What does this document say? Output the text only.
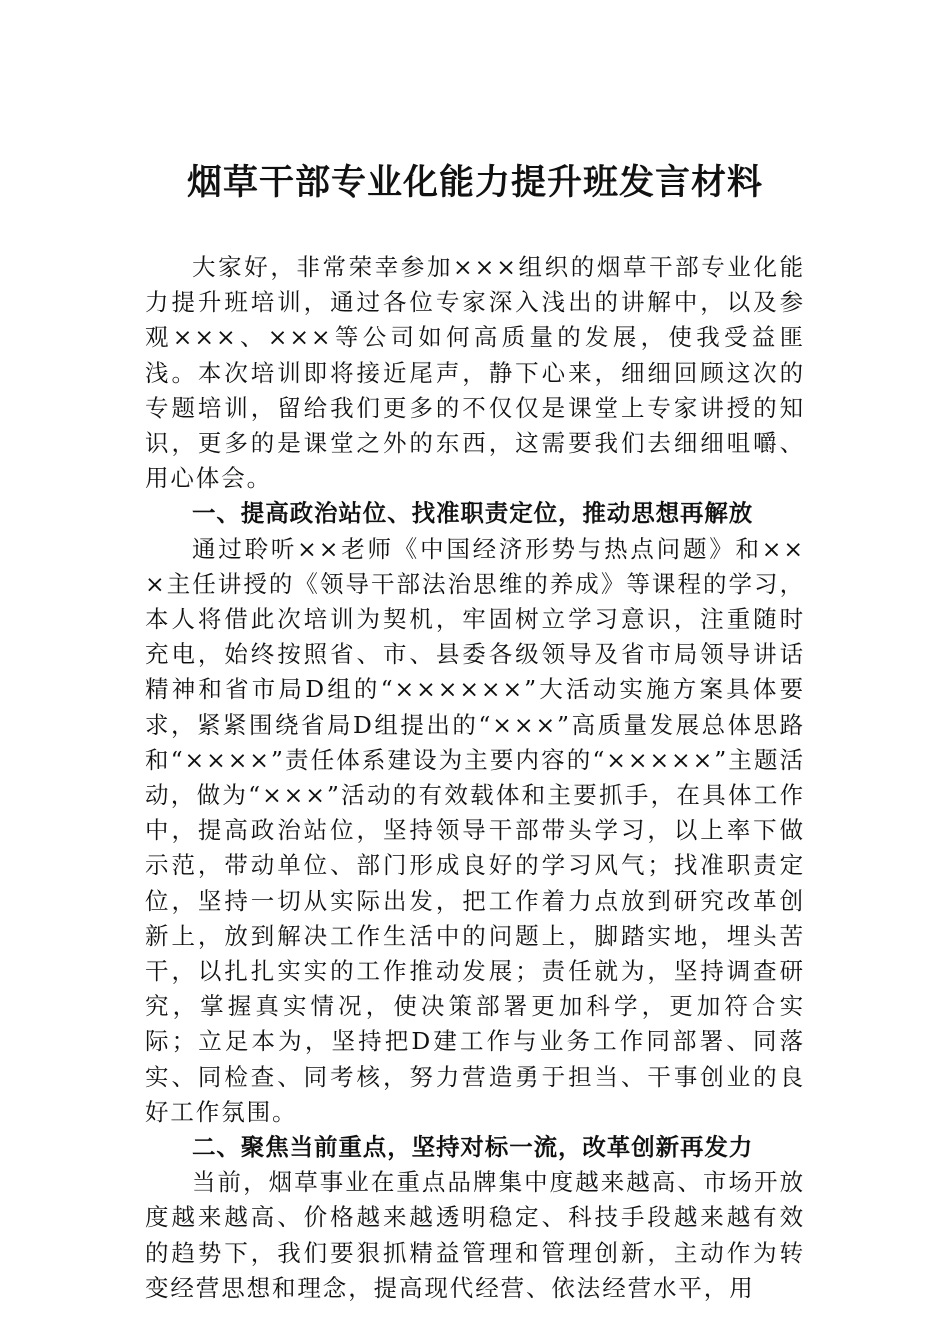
烟草干部专业化能力提升班发言材料

大家好，非常荣幸参加×××组织的烟草干部专业化能力提升班培训，通过各位专家深入浅出的讲解中，以及参观×××、×××等公司如何高质量的发展，使我受益匪浅。本次培训即将接近尾声，静下心来，细细回顾这次的专题培训，留给我们更多的不仅仅是课堂上专家讲授的知识，更多的是课堂之外的东西，这需要我们去细细咀嚼、用心体会。

一、提高政治站位、找准职责定位，推动思想再解放

通过聆听××老师《中国经济形势与热点问题》和×××主任讲授的《领导干部法治思维的养成》等课程的学习，本人将借此次培训为契机，牢固树立学习意识，注重随时充电，始终按照省、市、县委各级领导及省市局领导讲话精神和省市局D组的“××××××”大活动实施方案具体要求，紧紧围绕省局D组提出的“×××”高质量发展总体思路和“××××”责任体系建设为主要内容的“×××××”主题活动，做为“×××”活动的有效载体和主要抓手，在具体工作中，提高政治站位，坚持领导干部带头学习，以上率下做示范，带动单位、部门形成良好的学习风气；找准职责定位，坚持一切从实际出发，把工作着力点放到研究改革创新上，放到解决工作生活中的问题上，脚踏实地，埋头苦干，以扎扎实实的工作推动发展；责任就为，坚持调查研究，掌握真实情况，使决策部署更加科学，更加符合实际；立足本为，坚持把D建工作与业务工作同部署、同落实、同检查、同考核，努力营造勇于担当、干事创业的良好工作氛围。

二、聚焦当前重点，坚持对标一流，改革创新再发力

当前，烟草事业在重点品牌集中度越来越高、市场开放度越来越高、价格越来越透明稳定、科技手段越来越有效的趋势下，我们要狠抓精益管理和管理创新，主动作为转变经营思想和理念，提高现代经营、依法经营水平，用
